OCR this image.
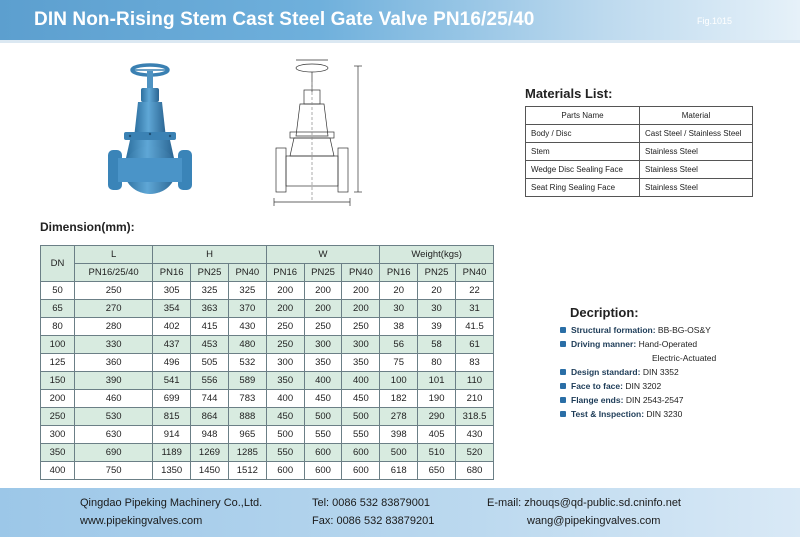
DIN Non-Rising Stem Cast Steel Gate Valve PN16/25/40	Fig.1015
Materials List:
Parts Name	Material
Body / Disc	Cast Steel / Stainless Steel
Stem	Stainless Steel
Wedge Disc Sealing Face	Stainless Steel
Seat Ring Sealing Face	Stainless Steel
Dimension(mm):
DN	L	H			W			Weight(kgs)		
	PN16/25/40	PN16	PN25	PN40	PN16	PN25	PN40	PN16	PN25	PN40
50	250	305	325	325	200	200	200	20	20	22
65	270	354	363	370	200	200	200	30	30	31
80	280	402	415	430	250	250	250	38	39	41.5
100	330	437	453	480	250	300	300	56	58	61
125	360	496	505	532	300	350	350	75	80	83
150	390	541	556	589	350	400	400	100	101	110
200	460	699	744	783	400	450	450	182	190	210
250	530	815	864	888	450	500	500	278	290	318.5
300	630	914	948	965	500	550	550	398	405	430
350	690	1189	1269	1285	550	600	600	500	510	520
400	750	1350	1450	1512	600	600	600	618	650	680
Decription:
Structural formation: BB-BG-OS&Y
Driving manner: Hand-Operated
Electric-Actuated
Design standard: DIN 3352
Face to face: DIN 3202
Flange ends: DIN 2543-2547
Test & Inspection: DIN 3230
Qingdao Pipeking Machinery Co.,Ltd.
www.pipekingvalves.com
Tel: 0086 532 83879001
Fax: 0086 532 83879201
E-mail: zhouqs@qd-public.sd.cninfo.net
wang@pipekingvalves.com
